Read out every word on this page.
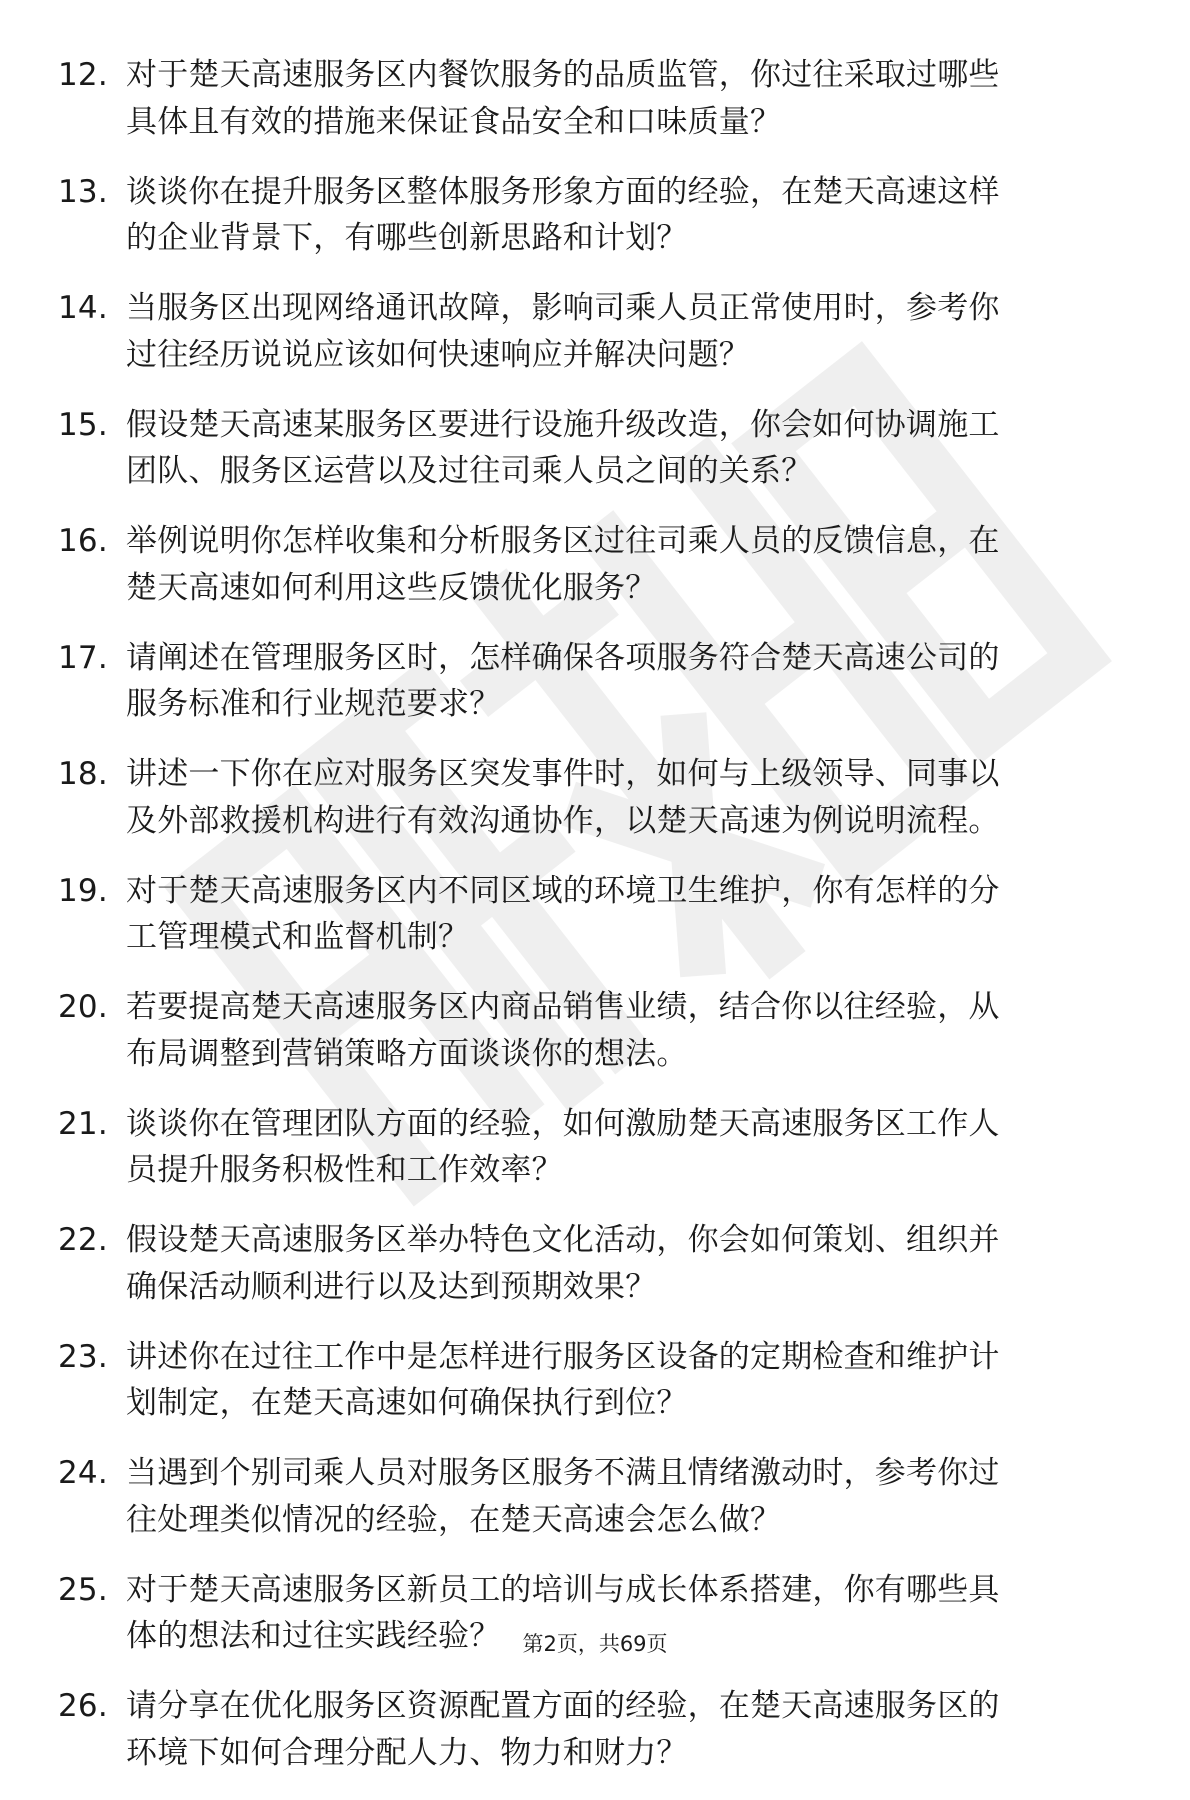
12. 对于楚天高速服务区内餐饮服务的品质监管，你过往采取过哪些
具体且有效的措施来保证食品安全和口味质量？
13. 谈谈你在提升服务区整体服务形象方面的经验，在楚天高速这样
的企业背景下，有哪些创新思路和计划？
14. 当服务区出现网络通讯故障，影响司乘人员正常使用时，参考你
过往经历说说应该如何快速响应并解决问题？
15. 假设楚天高速某服务区要进行设施升级改造，你会如何协调施工
团队、服务区运营以及过往司乘人员之间的关系？
16. 举例说明你怎样收集和分析服务区过往司乘人员的反馈信息，在
楚天高速如何利用这些反馈优化服务？
17. 请阐述在管理服务区时，怎样确保各项服务符合楚天高速公司的
服务标准和行业规范要求？
18. 讲述一下你在应对服务区突发事件时，如何与上级领导、同事以
及外部救援机构进行有效沟通协作，以楚天高速为例说明流程。
19. 对于楚天高速服务区内不同区域的环境卫生维护，你有怎样的分
工管理模式和监督机制？
20. 若要提高楚天高速服务区内商品销售业绩，结合你以往经验，从
布局调整到营销策略方面谈谈你的想法。
21. 谈谈你在管理团队方面的经验，如何激励楚天高速服务区工作人
员提升服务积极性和工作效率？
22. 假设楚天高速服务区举办特色文化活动，你会如何策划、组织并
确保活动顺利进行以及达到预期效果？
23. 讲述你在过往工作中是怎样进行服务区设备的定期检查和维护计
划制定，在楚天高速如何确保执行到位？
24. 当遇到个别司乘人员对服务区服务不满且情绪激动时，参考你过
往处理类似情况的经验，在楚天高速会怎么做？
25. 对于楚天高速服务区新员工的培训与成长体系搭建，你有哪些具
体的想法和过往实践经验？
26. 请分享在优化服务区资源配置方面的经验，在楚天高速服务区的
环境下如何合理分配人力、物力和财力？
第2页，共69页
